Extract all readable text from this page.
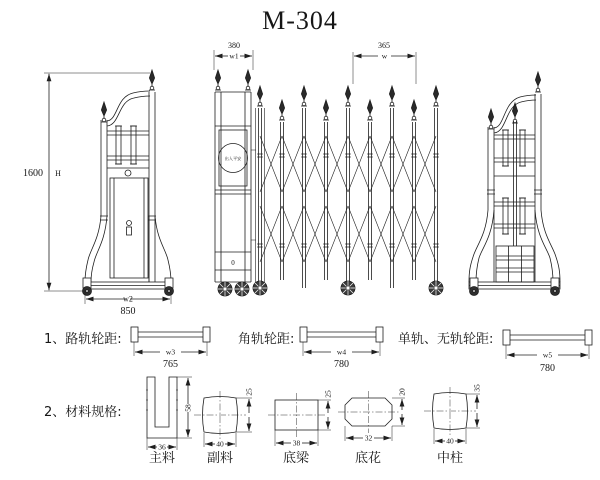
M-304
1600 H
w2
850
出入平安
0
380
w1
365
w
1、路轨轮距:
w3
765
角轨轮距:
w4
780
单轨、无轨轮距:
w5
780
2、材料规格:
36
58
主料
40
25
副料
38
25
底梁
32
20
底花
40
35
中柱
